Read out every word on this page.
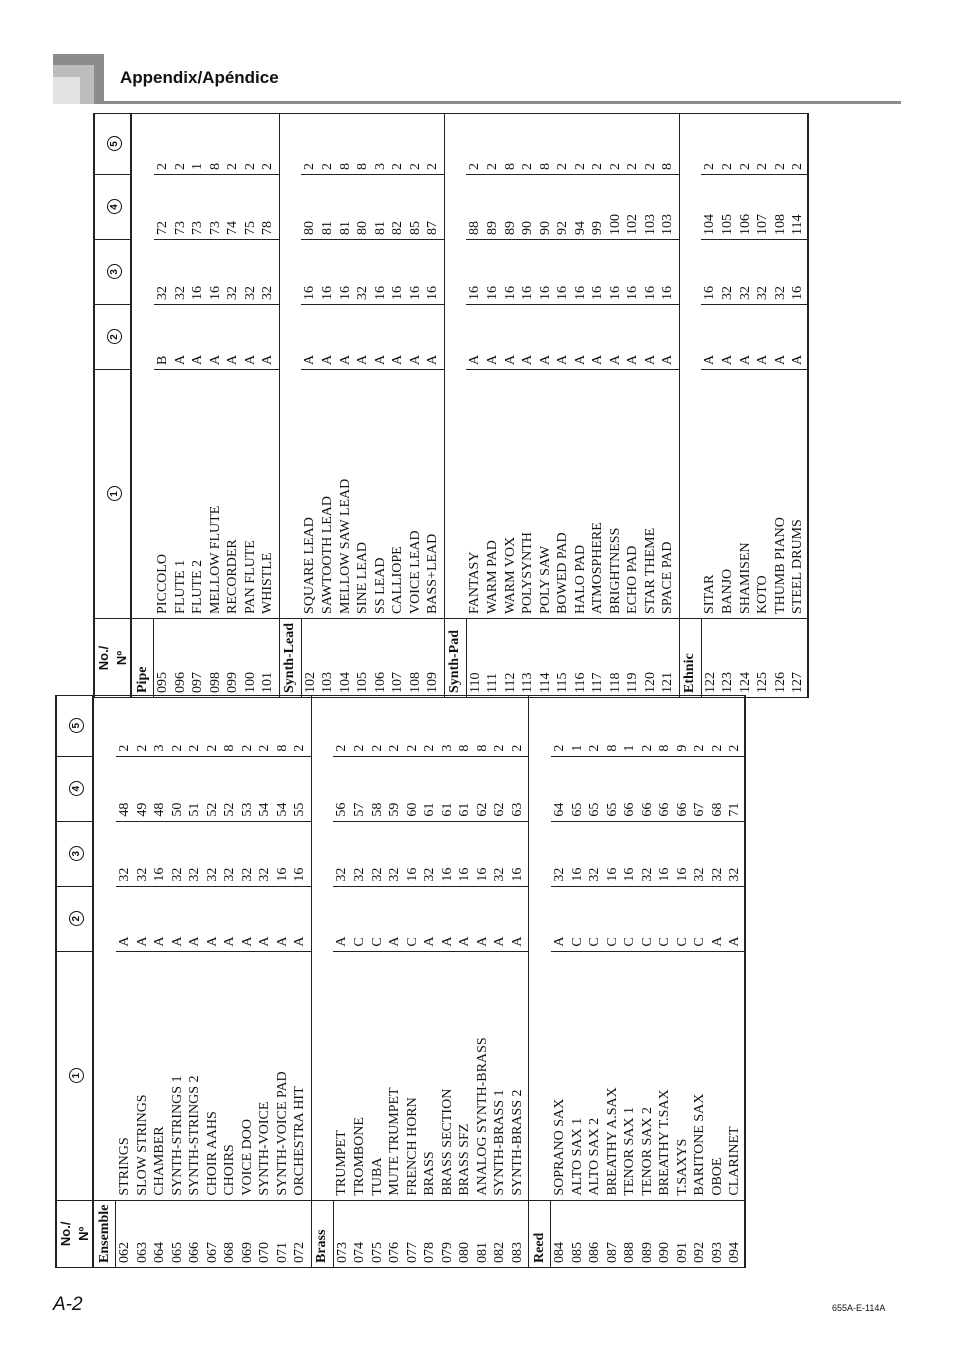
Appendix/Apéndice
No./ Nº	1	2	3	4	5
Ensemble					
062	STRINGS	A	32	48	2
063	SLOW STRINGS	A	32	49	2
064	CHAMBER	A	16	48	3
065	SYNTH-STRINGS 1	A	32	50	2
066	SYNTH-STRINGS 2	A	32	51	2
067	CHOIR AAHS	A	32	52	2
068	CHOIRS	A	32	52	8
069	VOICE DOO	A	32	53	2
070	SYNTH-VOICE	A	32	54	2
071	SYNTH-VOICE PAD	A	16	54	8
072	ORCHESTRA HIT	A	16	55	2
Brass					
073	TRUMPET	A	32	56	2
074	TROMBONE	C	32	57	2
075	TUBA	C	32	58	2
076	MUTE TRUMPET	A	32	59	2
077	FRENCH HORN	C	16	60	2
078	BRASS	A	32	61	2
079	BRASS SECTION	A	16	61	3
080	BRASS SFZ	A	16	61	8
081	ANALOG SYNTH-BRASS	A	16	62	8
082	SYNTH-BRASS 1	A	32	62	2
083	SYNTH-BRASS 2	A	16	63	2
Reed					
084	SOPRANO SAX	A	32	64	2
085	ALTO SAX 1	C	16	65	1
086	ALTO SAX 2	C	32	65	2
087	BREATHY A.SAX	C	16	65	8
088	TENOR SAX 1	C	16	66	1
089	TENOR SAX 2	C	32	66	2
090	BREATHY T.SAX	C	16	66	8
091	T.SAXYS	C	16	66	9
092	BARITONE SAX	C	32	67	2
093	OBOE	A	32	68	2
094	CLARINET	A	32	71	2
No./ Nº	1	2	3	4	5
Pipe					
095	PICCOLO	B	32	72	2
096	FLUTE 1	A	32	73	2
097	FLUTE 2	A	16	73	1
098	MELLOW FLUTE	A	16	73	8
099	RECORDER	A	32	74	2
100	PAN FLUTE	A	32	75	2
101	WHISTLE	A	32	78	2
Synth-Lead					
102	SQUARE LEAD	A	16	80	2
103	SAWTOOTH LEAD	A	16	81	2
104	MELLOW SAW LEAD	A	16	81	8
105	SINE LEAD	A	32	80	8
106	SS LEAD	A	16	81	3
107	CALLIOPE	A	16	82	2
108	VOICE LEAD	A	16	85	2
109	BASS+LEAD	A	16	87	2
Synth-Pad					
110	FANTASY	A	16	88	2
111	WARM PAD	A	16	89	2
112	WARM VOX	A	16	89	8
113	POLYSYNTH	A	16	90	2
114	POLY SAW	A	16	90	8
115	BOWED PAD	A	16	92	2
116	HALO PAD	A	16	94	2
117	ATMOSPHERE	A	16	99	2
118	BRIGHTNESS	A	16	100	2
119	ECHO PAD	A	16	102	2
120	STAR THEME	A	16	103	2
121	SPACE PAD	A	16	103	8
Ethnic					
122	SITAR	A	16	104	2
123	BANJO	A	32	105	2
124	SHAMISEN	A	32	106	2
125	KOTO	A	32	107	2
126	THUMB PIANO	A	32	108	2
127	STEEL DRUMS	A	16	114	2
A-2	655A-E-114A
